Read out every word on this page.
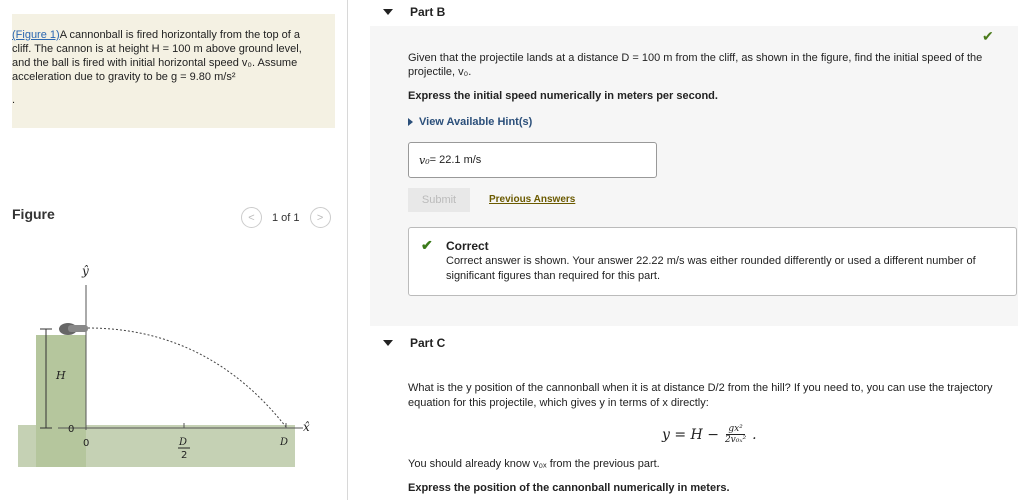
(Figure 1)A cannonball is fired horizontally from the top of a cliff. The cannon is at height H = 100 m above ground level, and the ball is fired with initial horizontal speed v₀. Assume acceleration due to gravity to be g = 9.80 m/s²
.
Figure	<	1 of 1	>
ŷ
x̂
H
0
0	D
2
D
Part B
✔
Given that the projectile lands at a distance D = 100 m from the cliff, as shown in the figure, find the initial speed of the projectile, v₀.
Express the initial speed numerically in meters per second.
View Available Hint(s)
v₀ = 22.1 m/s
Submit	Previous Answers
✔ Correct
Correct answer is shown. Your answer 22.22 m/s was either rounded differently or used a different number of significant figures than required for this part.
Part C
What is the y position of the cannonball when it is at distance D/2 from the hill? If you need to, you can use the trajectory equation for this projectile, which gives y in terms of x directly:
$y = H - \frac{\text{gx²}}{\text{2v₀ₓ²}}$ .
You should already know v₀ₓ from the previous part.
Express the position of the cannonball numerically in meters.
